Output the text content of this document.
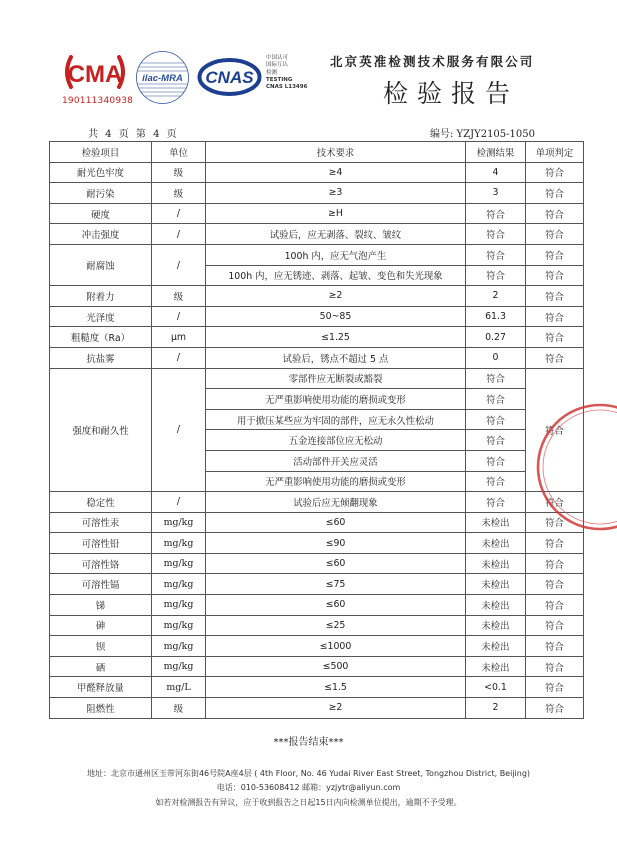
CMA
190111340938
ilac-MRA CNAS
中国认可
国际互认
检测
TESTING
CNAS L13496
北京英准检测技术服务有限公司
检验报告
共 4 页 第 4 页	编号: YZJY2105-1050
检验项目	单位	技术要求	检测结果	单项判定
耐光色牢度	级	≥4	4	符合
耐污染	级	≥3	3	符合
硬度	/	≥H	符合	符合
冲击强度	/	试验后，应无剥落、裂纹、皱纹	符合	符合
耐腐蚀	/	100h 内，应无气泡产生	符合	符合
		100h 内，应无锈迹、剥落、起皱、变色和失光现象	符合	符合
附着力	级	≥2	2	符合
光泽度	/	50~85	61.3	符合
粗糙度（Ra）	μm	≤1.25	0.27	符合
抗盐雾	/	试验后，锈点不超过 5 点	0	符合
强度和耐久性	/	零部件应无断裂或豁裂	符合	符合
		无严重影响使用功能的磨损或变形	符合	
		用于掀压某些应为牢固的部件，应无永久性松动	符合	
		五金连接部位应无松动	符合	
		活动部件开关应灵活	符合	
		无严重影响使用功能的磨损或变形	符合	
稳定性	/	试验后应无倾翻现象	符合	符合
可溶性汞	mg/kg	≤60	未检出	符合
可溶性铅	mg/kg	≤90	未检出	符合
可溶性铬	mg/kg	≤60	未检出	符合
可溶性镉	mg/kg	≤75	未检出	符合
锑	mg/kg	≤60	未检出	符合
砷	mg/kg	≤25	未检出	符合
钡	mg/kg	≤1000	未检出	符合
硒	mg/kg	≤500	未检出	符合
甲醛释放量	mg/L	≤1.5	<0.1	符合
阻燃性	级	≥2	2	符合
***报告结束***
地址：北京市通州区玉带河东街46号院A座4层 ( 4th Floor, No. 46 Yudai River East Street, Tongzhou District, Beijing)
电话：010-53608412 邮箱：yzjytr@aliyun.com
如若对检测报告有异议，应于收到报告之日起15日内向检测单位提出，逾期不予受理。
